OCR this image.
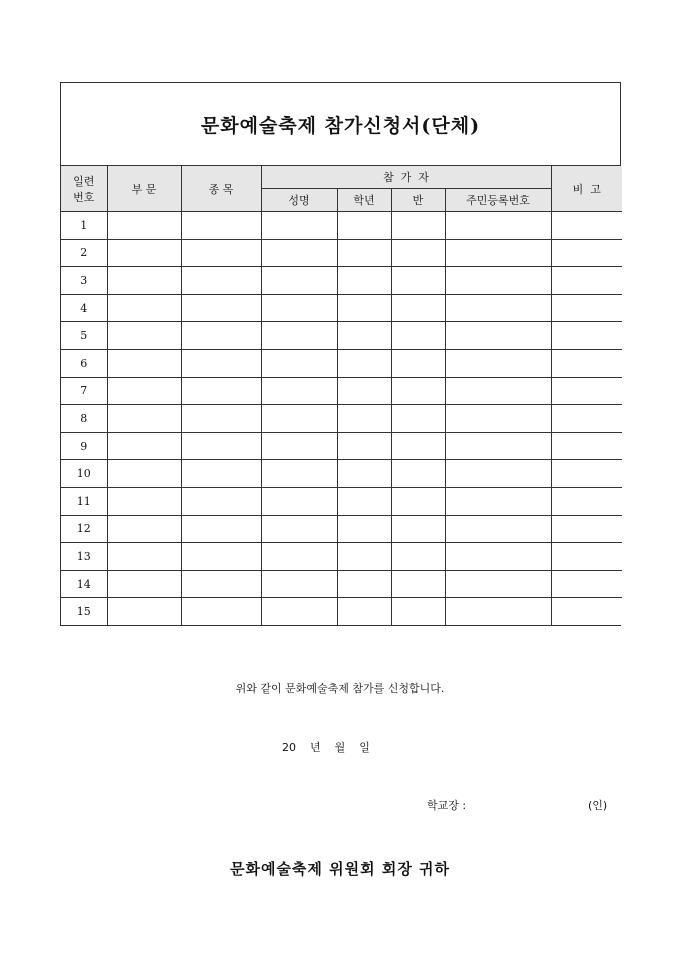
문화예술축제 참가신청서(단체)
일련
번호	부 문	종 목	참  가  자				비  고
			성명	학년	반	주민등록번호	
1							
2							
3							
4							
5							
6							
7							
8							
9							
10							
11							
12							
13							
14							
15							
위와 같이 문화예술축제 참가를 신청합니다.
20    년    월    일
학교장 :	(인)
문화예술축제 위원회 회장 귀하
